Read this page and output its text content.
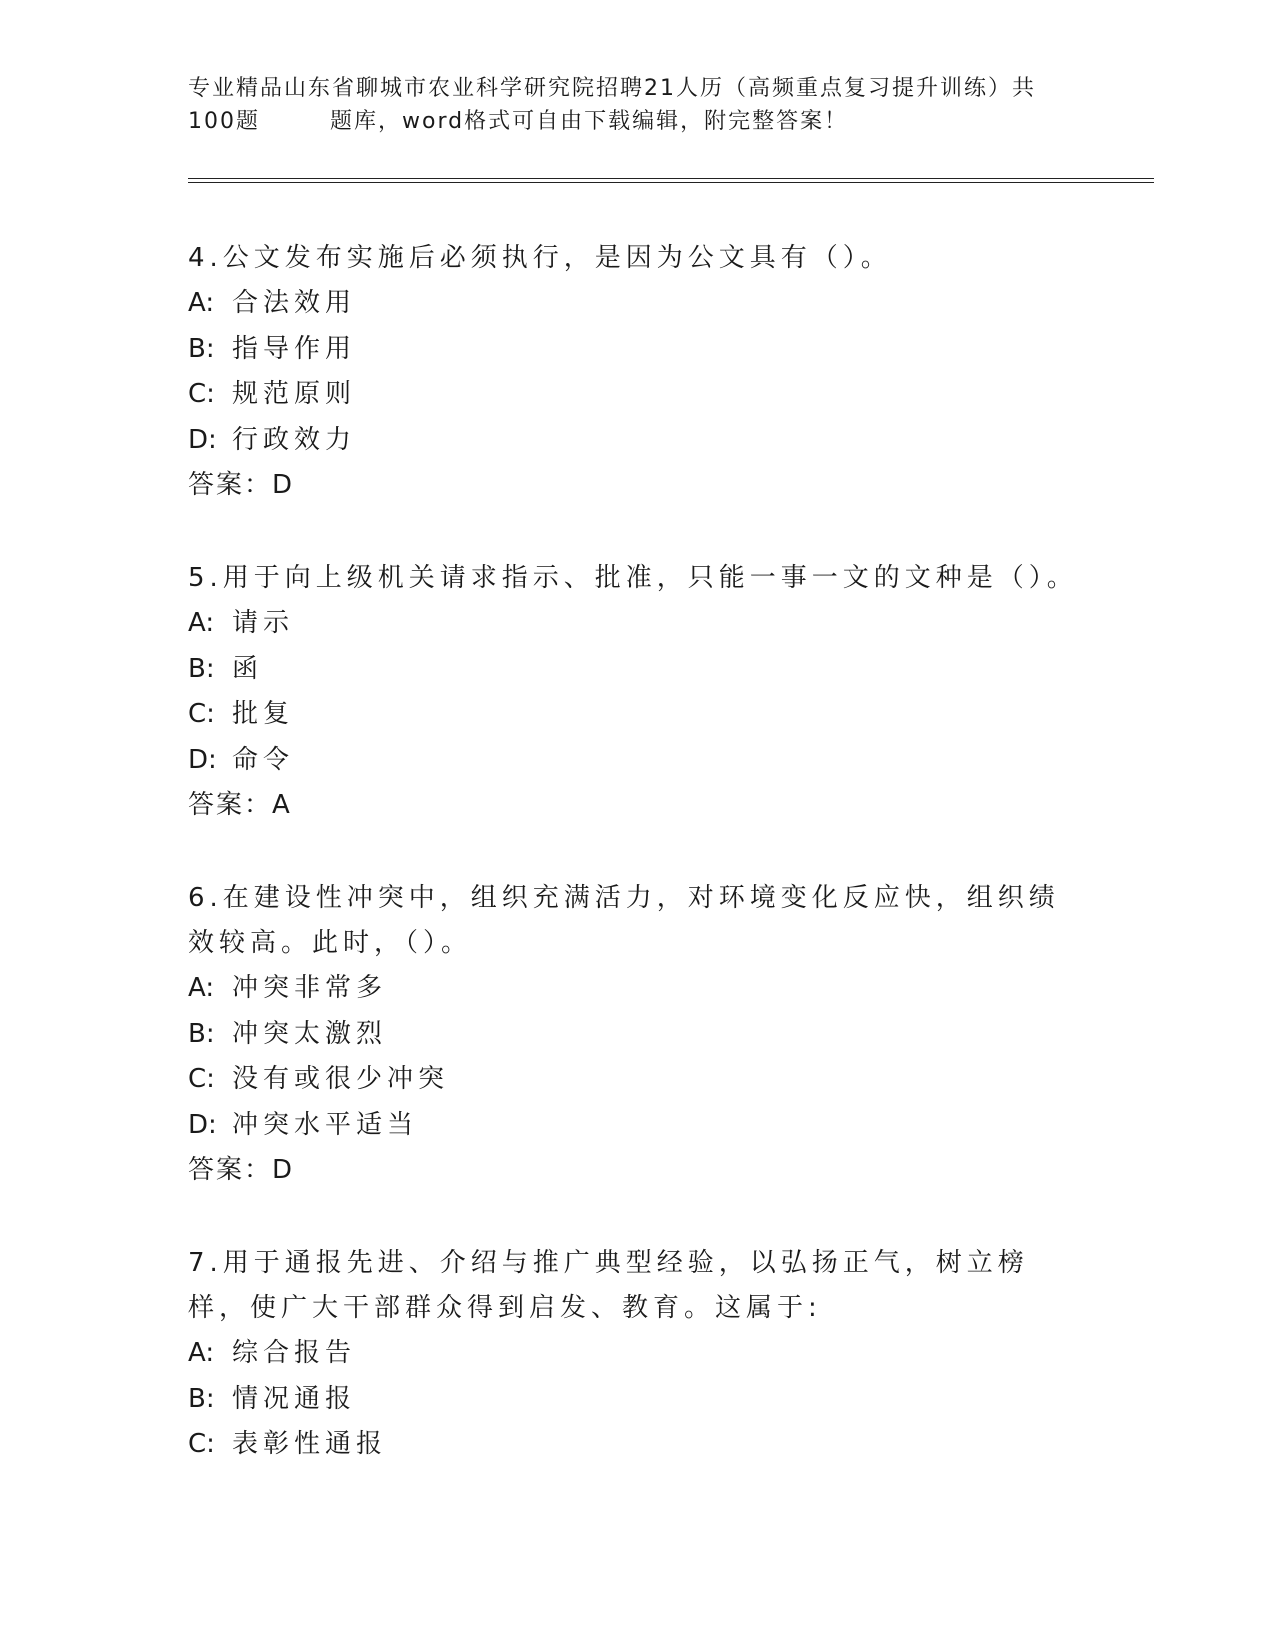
专业精品山东省聊城市农业科学研究院招聘21人历（高频重点复习提升训练）共
100题	题库，word格式可自由下载编辑，附完整答案！

4.公文发布实施后必须执行，是因为公文具有（）。

A: 合法效用

B: 指导作用

C: 规范原则

D: 行政效力

答案：D

5.用于向上级机关请求指示、批准，只能一事一文的文种是（）。

A: 请示

B: 函

C: 批复

D: 命令

答案：A

6.在建设性冲突中，组织充满活力，对环境变化反应快，组织绩效较高。此时，（）。

A: 冲突非常多

B: 冲突太激烈

C: 没有或很少冲突

D: 冲突水平适当

答案：D

7.用于通报先进、介绍与推广典型经验，以弘扬正气，树立榜样，使广大干部群众得到启发、教育。这属于:

A: 综合报告

B: 情况通报

C: 表彰性通报
